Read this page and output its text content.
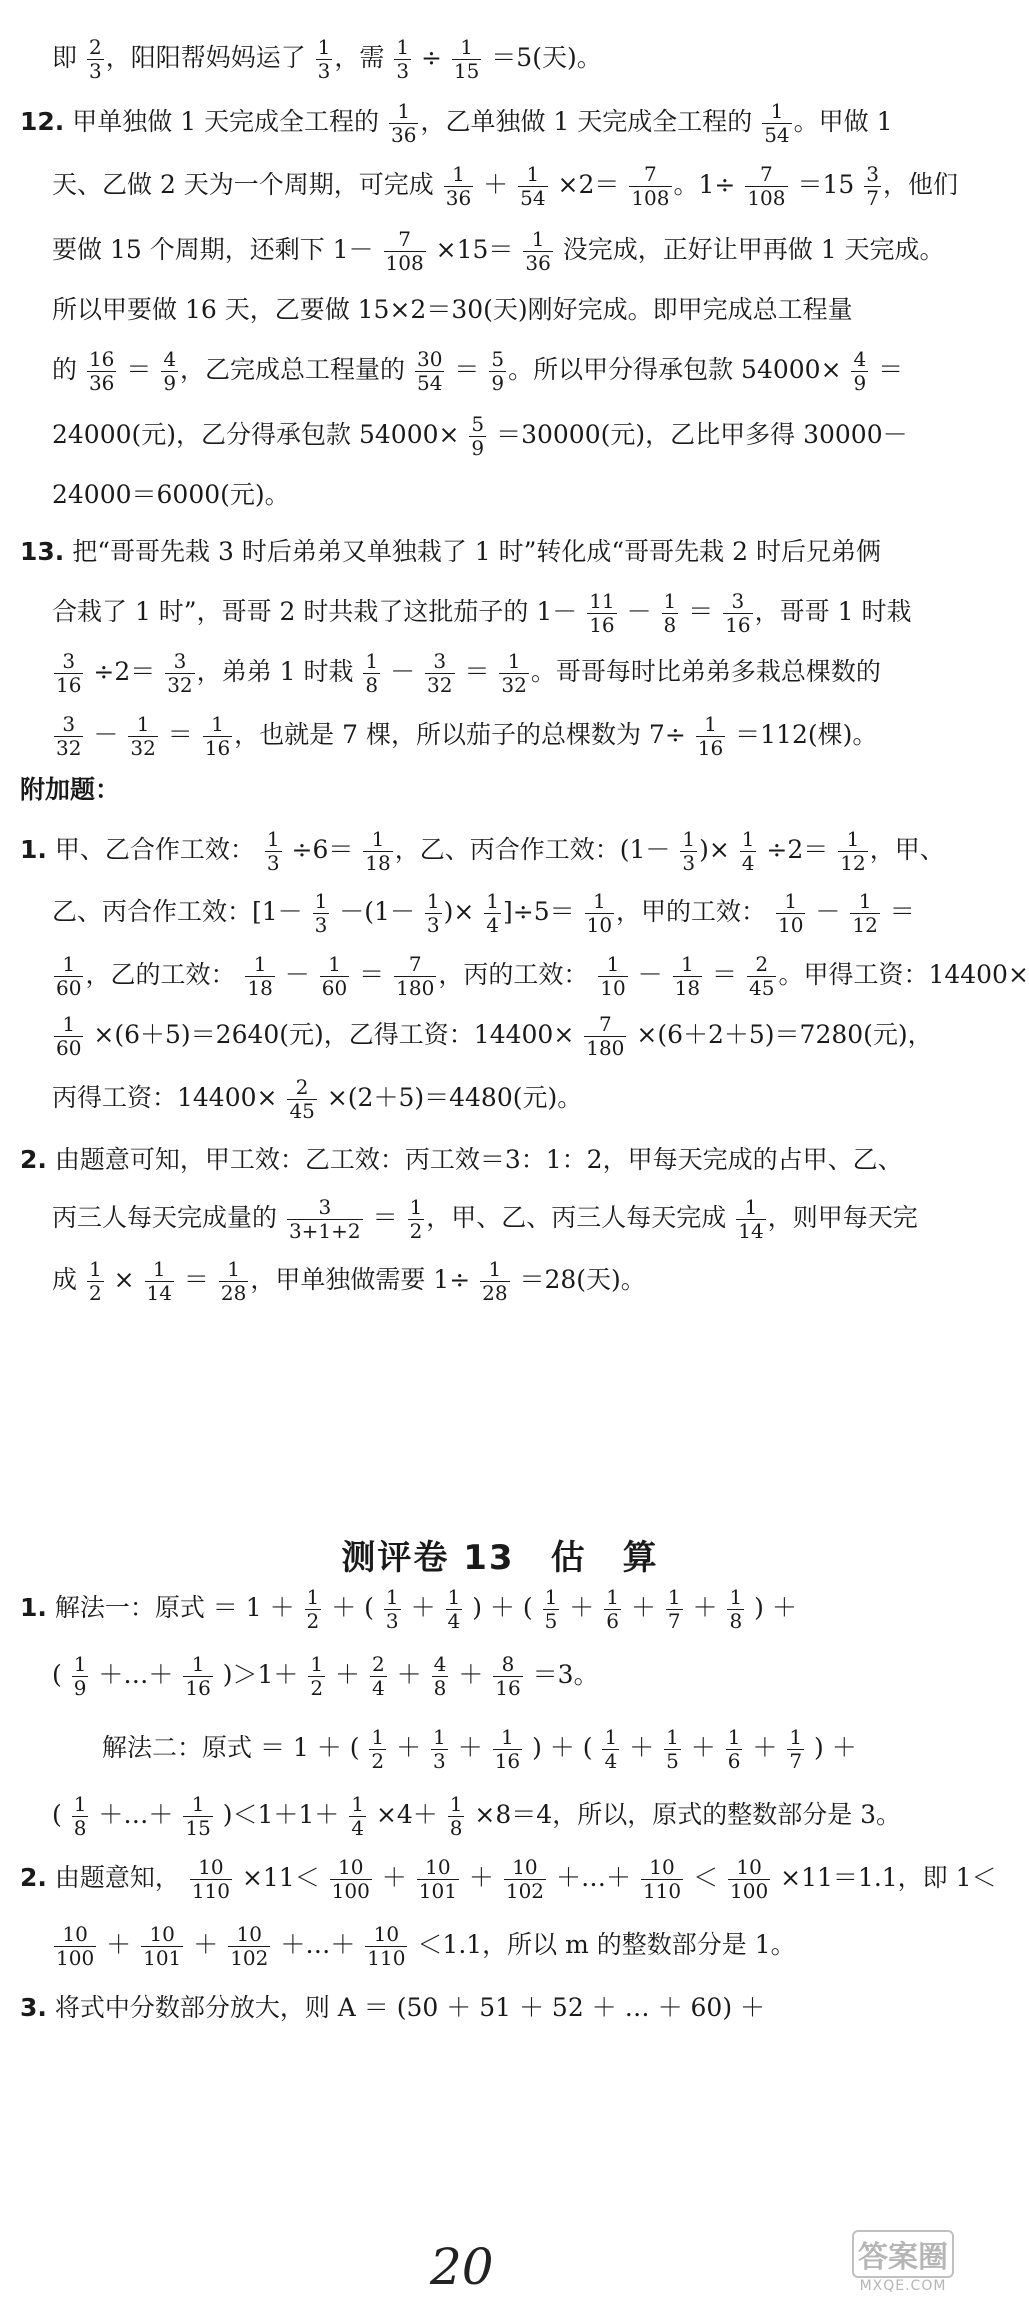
即 $\frac{2}{3}$ ，阳阳帮妈妈运了 $\frac{1}{3}$ ，需 $\frac{1}{3} \div \frac{1}{15} =5$(天)。
12. 甲单独做 1 天完成全工程的 $\frac{1}{36}$ ，乙单独做 1 天完成全工程的 $\frac{1}{54}$ 。甲做 1
天、乙做 2 天为一个周期，可完成 $\frac{1}{36} + \frac{1}{54} \times 2= \frac{7}{108}$ 。$1\div \frac{7}{108} =15 \frac{3}{7}$ ，他们
要做 15 个周期，还剩下 $1- \frac{7}{108} \times 15= \frac{1}{36}$ 没完成，正好让甲再做 1 天完成。
所以甲要做 16 天，乙要做 15×2＝30(天)刚好完成。即甲完成总工程量
的 $\frac{16}{36} = \frac{4}{9}$ ，乙完成总工程量的 $\frac{30}{54} = \frac{5}{9}$ 。所以甲分得承包款 $54000\times \frac{4}{9}$ ＝
24000(元)，乙分得承包款 $54000\times \frac{5}{9} =30000$(元)，乙比甲多得 30000－
24000＝6000(元)。
13. 把“哥哥先栽 3 时后弟弟又单独栽了 1 时”转化成“哥哥先栽 2 时后兄弟俩
合栽了 1 时”，哥哥 2 时共栽了这批茄子的 $1- \frac{11}{16} - \frac{1}{8} = \frac{3}{16}$ ，哥哥 1 时栽
$\frac{3}{16} \div 2= \frac{3}{32}$ ，弟弟 1 时栽 $\frac{1}{8} - \frac{3}{32} = \frac{1}{32}$ 。哥哥每时比弟弟多栽总棵数的
$\frac{3}{32} - \frac{1}{32} = \frac{1}{16}$ ，也就是 7 棵，所以茄子的总棵数为 $7\div \frac{1}{16} =112$(棵)。
附加题：
1. 甲、乙合作工效： $\frac{1}{3} \div 6= \frac{1}{18}$ ，乙、丙合作工效：($1- \frac{1}{3}$ )× $\frac{1}{4} \div 2= \frac{1}{12}$ ，甲、
乙、丙合作工效：[$1- \frac{1}{3} -(1- \frac{1}{3}$ )× $\frac{1}{4} ]\div 5= \frac{1}{10}$ ，甲的工效： $\frac{1}{10} - \frac{1}{12}$ ＝
$\frac{1}{60}$ ，乙的工效： $\frac{1}{18} - \frac{1}{60} = \frac{7}{180}$ ，丙的工效： $\frac{1}{10} - \frac{1}{18} = \frac{2}{45}$ 。甲得工资：14400×
$\frac{1}{60} \times(6+5)=2640$(元)，乙得工资：$14400\times \frac{7}{180} \times(6+2+5)=7280$(元)，
丙得工资：$14400\times \frac{2}{45} \times(2+5)=4480$(元)。
2. 由题意可知，甲工效：乙工效：丙工效＝3：1：2，甲每天完成的占甲、乙、
丙三人每天完成量的 $\frac{3}{3+1+2} = \frac{1}{2}$ ，甲、乙、丙三人每天完成 $\frac{1}{14}$ ，则甲每天完
成 $\frac{1}{2} \times \frac{1}{14} = \frac{1}{28}$ ，甲单独做需要 $1\div \frac{1}{28} =28$(天)。
1. 解法一：原式 ＝ $1 + \frac{1}{2}$ ＋ ( $\frac{1}{3} + \frac{1}{4}$ ) ＋ ( $\frac{1}{5} + \frac{1}{6} + \frac{1}{7} + \frac{1}{8}$ ) ＋
( $\frac{1}{9}$ ＋…＋ $\frac{1}{16} )>1+ \frac{1}{2} + \frac{2}{4} + \frac{4}{8} + \frac{8}{16} =3$。
　　解法二：原式 ＝ 1 ＋ ( $\frac{1}{2} + \frac{1}{3} + \frac{1}{16}$ ) ＋ ( $\frac{1}{4} + \frac{1}{5} + \frac{1}{6} + \frac{1}{7}$ ) ＋
( $\frac{1}{8}$ ＋…＋ $\frac{1}{15} )<1+1+ \frac{1}{4} \times 4+ \frac{1}{8} \times 8=4$，所以，原式的整数部分是 3。
2. 由题意知， $\frac{10}{110} \times 11< \frac{10}{100} + \frac{10}{101} + \frac{10}{102}$ ＋…＋ $\frac{10}{110} < \frac{10}{100} \times 11=1.1$，即 1＜
$\frac{10}{100} + \frac{10}{101} + \frac{10}{102}$ ＋…＋ $\frac{10}{110} <1.1$，所以 m 的整数部分是 1。
3. 将式中分数部分放大，则 A ＝ (50 ＋ 51 ＋ 52 ＋ … ＋ 60) ＋
测评卷 13　估　算
20	答案圈
MXQE.COM
